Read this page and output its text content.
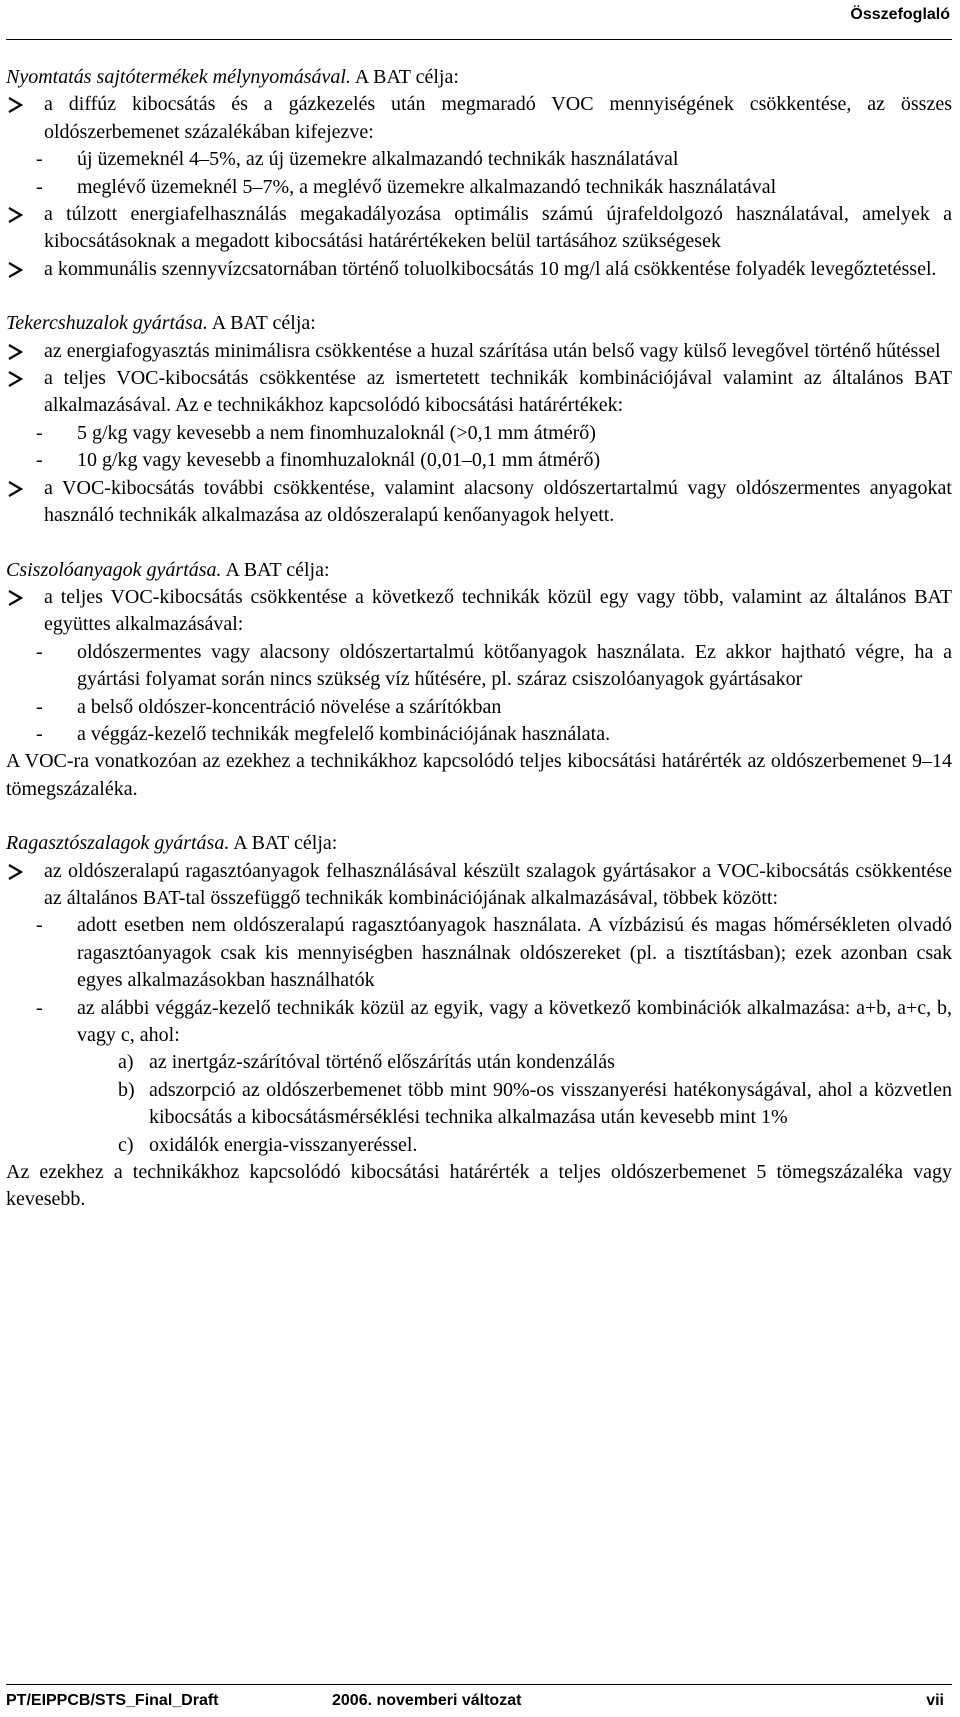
Összefoglaló
Nyomtatás sajtótermékek mélynyomásával. A BAT célja:
a diffúz kibocsátás és a gázkezelés után megmaradó VOC mennyiségének csökkentése, az összes oldószerbemenet százalékában kifejezve:
- új üzemeknél 4–5%, az új üzemekre alkalmazandó technikák használatával
- meglévő üzemeknél 5–7%, a meglévő üzemekre alkalmazandó technikák használatával
a túlzott energiafelhasználás megakadályozása optimális számú újrafeldolgozó használatával, amelyek a kibocsátásoknak a megadott kibocsátási határértékeken belül tartásához szükségesek
a kommunális szennyvízcsatornában történő toluolkibocsátás 10 mg/l alá csökkentése folyadék levegőztetéssel.
Tekercshuzalok gyártása. A BAT célja:
az energiafogyasztás minimálisra csökkentése a huzal szárítása után belső vagy külső levegővel történő hűtéssel
a teljes VOC-kibocsátás csökkentése az ismertetett technikák kombinációjával valamint az általános BAT alkalmazásával. Az e technikákhoz kapcsolódó kibocsátási határértékek:
- 5 g/kg vagy kevesebb a nem finomhuzaloknál (>0,1 mm átmérő)
- 10 g/kg vagy kevesebb a finomhuzaloknál (0,01–0,1 mm átmérő)
a VOC-kibocsátás további csökkentése, valamint alacsony oldószertartalmú vagy oldószermentes anyagokat használó technikák alkalmazása az oldószeralapú kenőanyagok helyett.
Csiszolóanyagok gyártása. A BAT célja:
a teljes VOC-kibocsátás csökkentése a következő technikák közül egy vagy több, valamint az általános BAT együttes alkalmazásával:
- oldószermentes vagy alacsony oldószertartalmú kötőanyagok használata. Ez akkor hajtható végre, ha a gyártási folyamat során nincs szükség víz hűtésére, pl. száraz csiszolóanyagok gyártásakor
- a belső oldószer-koncentráció növelése a szárítókban
- a véggáz-kezelő technikák megfelelő kombinációjának használata.
A VOC-ra vonatkozóan az ezekhez a technikákhoz kapcsolódó teljes kibocsátási határérték az oldószerbemenet 9–14 tömegszázaléka.
Ragasztószalagok gyártása. A BAT célja:
az oldószeralapú ragasztóanyagok felhasználásával készült szalagok gyártásakor a VOC-kibocsátás csökkentése az általános BAT-tal összefüggő technikák kombinációjának alkalmazásával, többek között:
- adott esetben nem oldószeralapú ragasztóanyagok használata. A vízbázisú és magas hőmérsékleten olvadó ragasztóanyagok csak kis mennyiségben használnak oldószereket (pl. a tisztításban); ezek azonban csak egyes alkalmazásokban használhatók
- az alábbi véggáz-kezelő technikák közül az egyik, vagy a következő kombinációk alkalmazása: a+b, a+c, b, vagy c, ahol:
a) az inertgáz-szárítóval történő előszárítás után kondenzálás
b) adszorpció az oldószerbemenet több mint 90%-os visszanyerési hatékonyságával, ahol a közvetlen kibocsátás a kibocsátásmérséklési technika alkalmazása után kevesebb mint 1%
c) oxidálók energia-visszanyeréssel.
Az ezekhez a technikákhoz kapcsolódó kibocsátási határérték a teljes oldószerbemenet 5 tömegszázaléka vagy kevesebb.
PT/EIPPCB/STS_Final_Draft	2006. novemberi változat	vii
